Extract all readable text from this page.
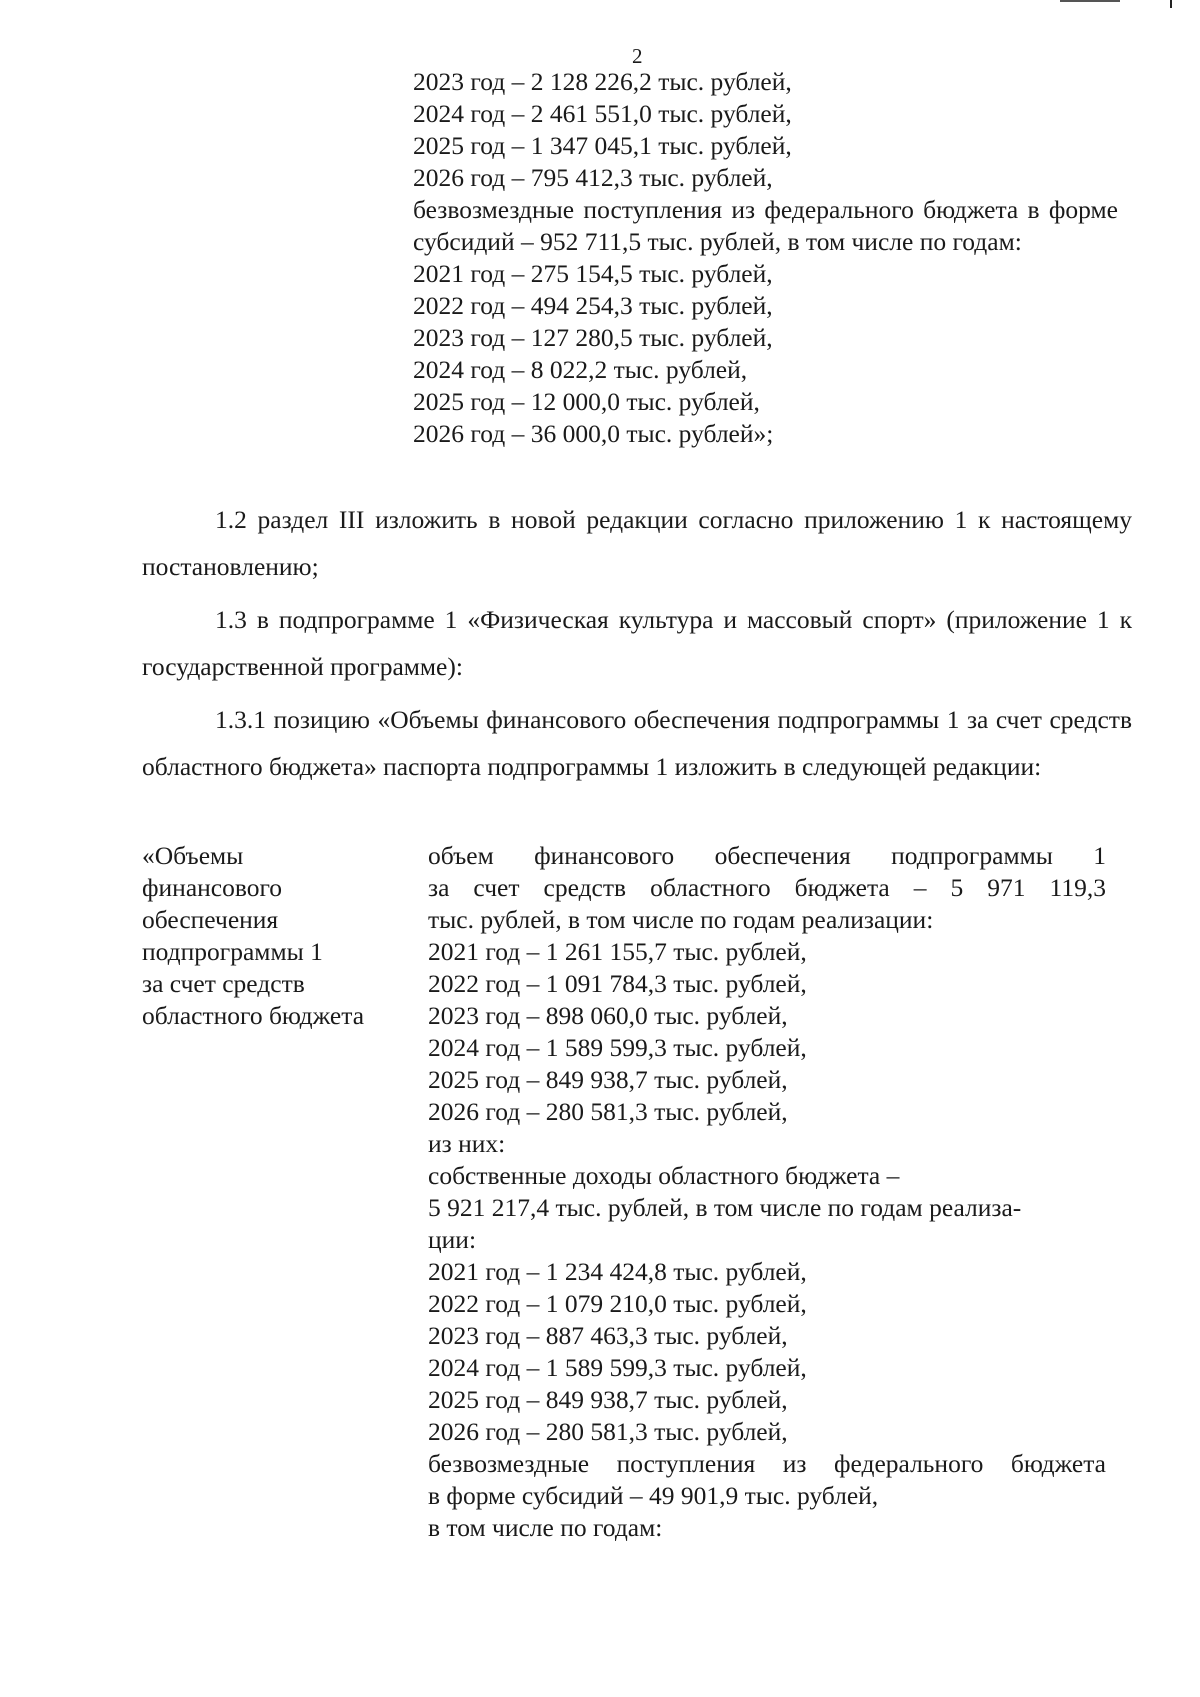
2
2023 год – 2 128 226,2 тыс. рублей,
2024 год – 2 461 551,0 тыс. рублей,
2025 год – 1 347 045,1 тыс. рублей,
2026 год – 795 412,3 тыс. рублей,
безвозмездные поступления из федерального бюджета в форме субсидий – 952 711,5 тыс. рублей, в том числе по годам:
2021 год – 275 154,5 тыс. рублей,
2022 год – 494 254,3 тыс. рублей,
2023 год – 127 280,5 тыс. рублей,
2024 год – 8 022,2 тыс. рублей,
2025 год – 12 000,0 тыс. рублей,
2026 год – 36 000,0 тыс. рублей»;
1.2 раздел III изложить в новой редакции согласно приложению 1 к настоящему постановлению;
1.3 в подпрограмме 1 «Физическая культура и массовый спорт» (приложение 1 к государственной программе):
1.3.1 позицию «Объемы финансового обеспечения подпрограммы 1 за счет средств областного бюджета» паспорта подпрограммы 1 изложить в следующей редакции:
«Объемы
финансового
обеспечения
подпрограммы 1
за счет средств
областного бюджета
объем финансового обеспечения подпрограммы 1
за счет средств областного бюджета – 5 971 119,3
тыс. рублей, в том числе по годам реализации:
2021 год – 1 261 155,7 тыс. рублей,
2022 год – 1 091 784,3 тыс. рублей,
2023 год – 898 060,0 тыс. рублей,
2024 год – 1 589 599,3 тыс. рублей,
2025 год – 849 938,7 тыс. рублей,
2026 год – 280 581,3 тыс. рублей,
из них:
собственные доходы областного бюджета –
5 921 217,4 тыс. рублей, в том числе по годам реализа-
ции:
2021 год – 1 234 424,8 тыс. рублей,
2022 год – 1 079 210,0 тыс. рублей,
2023 год – 887 463,3 тыс. рублей,
2024 год – 1 589 599,3 тыс. рублей,
2025 год – 849 938,7 тыс. рублей,
2026 год – 280 581,3 тыс. рублей,
безвозмездные поступления из федерального бюджета
в форме субсидий – 49 901,9 тыс. рублей,
в том числе по годам:
